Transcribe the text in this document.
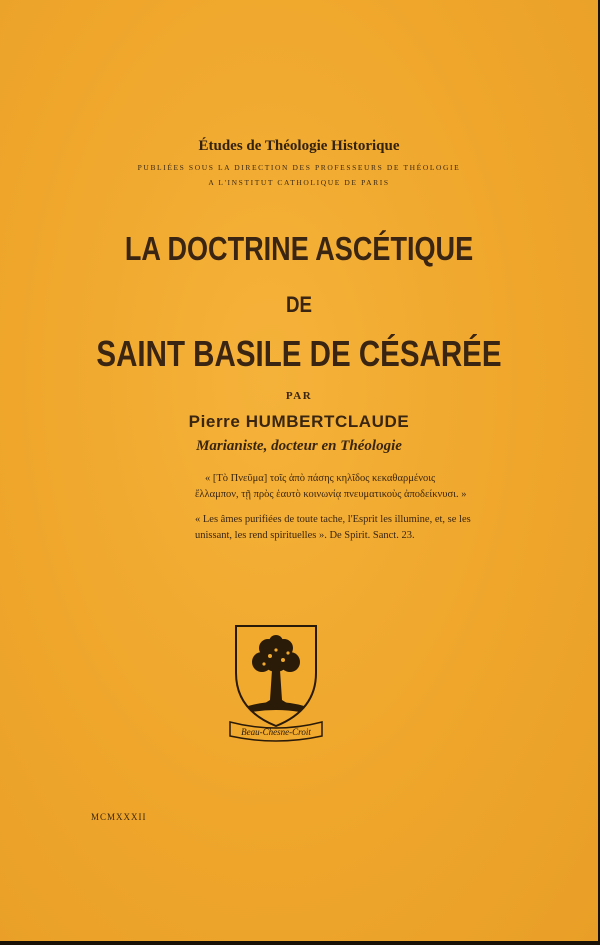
Études de Théologie Historique
PUBLIÉES SOUS LA DIRECTION DES PROFESSEURS DE THÉOLOGIE
A L'INSTITUT CATHOLIQUE DE PARIS
LA DOCTRINE ASCÉTIQUE
DE
SAINT BASILE DE CÉSARÉE
PAR
Pierre HUMBERTCLAUDE
Marianiste, docteur en Théologie
« [Τὸ Πνεῦμα] τοῖς ἀπὸ πάσης κηλῖδος κεκαθαρμένοις
ἔλλαμπον, τῇ πρὸς ἑαυτὸ κοινωνίᾳ πνευματικοὺς ἀποδείκνυσι. »
« Les âmes purifiées de toute tache, l'Esprit les illumine, et, se les
unissant, les rend spirituelles ». De Spirit. Sanct. 23.
Beau-Chesne-Croit
MCMXXXII
